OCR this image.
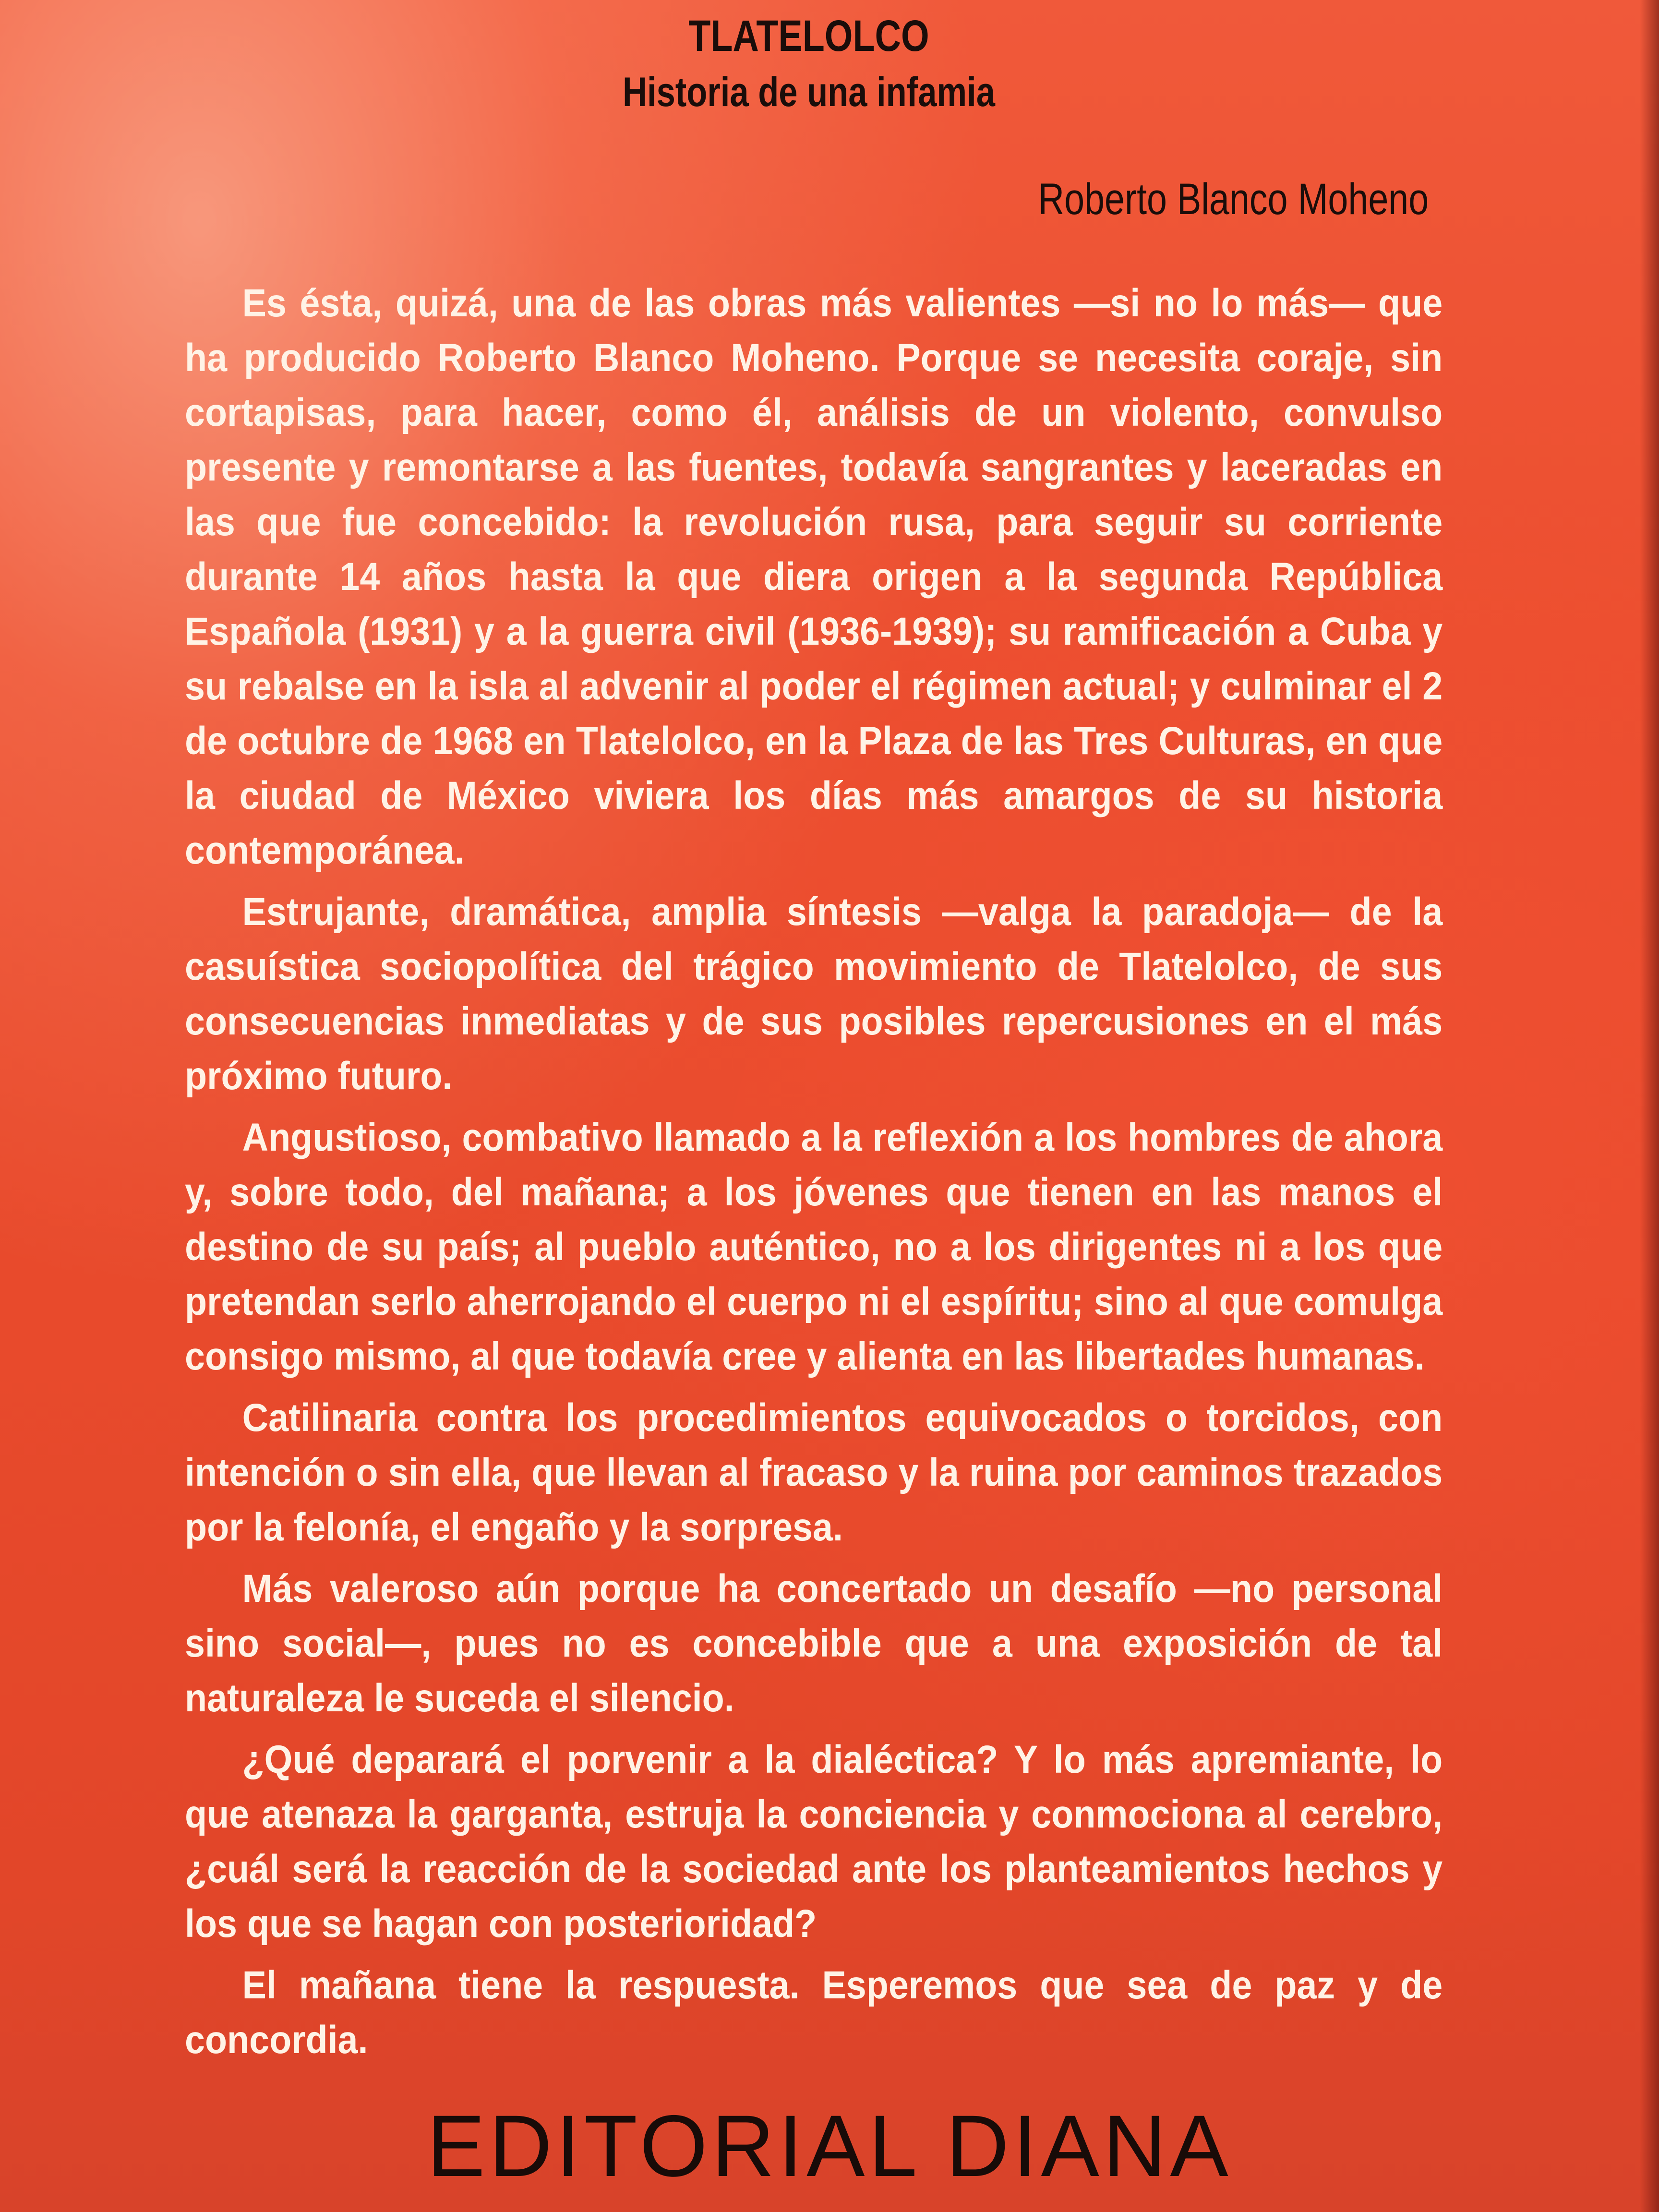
TLATELOLCO
Historia de una infamia
Roberto Blanco Moheno

Es ésta, quizá, una de las obras más valientes —si no lo más— que ha producido Roberto Blanco Moheno. Porque se necesita coraje, sin cortapisas, para hacer, como él, análisis de un violento, convulso presente y remontarse a las fuentes, todavía sangrantes y laceradas en las que fue concebido: la revolución rusa, para seguir su corriente durante 14 años hasta la que diera origen a la segunda República Española (1931) y a la guerra civil (1936-1939); su ramificación a Cuba y su rebalse en la isla al advenir al poder el régimen actual; y culminar el 2 de octubre de 1968 en Tlatelolco, en la Plaza de las Tres Culturas, en que la ciudad de México viviera los días más amargos de su historia contemporánea.

Estrujante, dramática, amplia síntesis —valga la paradoja— de la casuística sociopolítica del trágico movimiento de Tlatelolco, de sus consecuencias inmediatas y de sus posibles repercusiones en el más próximo futuro.

Angustioso, combativo llamado a la reflexión a los hombres de ahora y, sobre todo, del mañana; a los jóvenes que tienen en las manos el destino de su país; al pueblo auténtico, no a los dirigentes ni a los que pretendan serlo aherrojando el cuerpo ni el espíritu; sino al que comulga consigo mismo, al que todavía cree y alienta en las libertades humanas.

Catilinaria contra los procedimientos equivocados o torcidos, con intención o sin ella, que llevan al fracaso y la ruina por caminos trazados por la felonía, el engaño y la sorpresa.

Más valeroso aún porque ha concertado un desafío —no personal sino social—, pues no es concebible que a una exposición de tal naturaleza le suceda el silencio.

¿Qué deparará el porvenir a la dialéctica? Y lo más apremiante, lo que atenaza la garganta, estruja la conciencia y conmociona al cerebro, ¿cuál será la reacción de la sociedad ante los planteamientos hechos y los que se hagan con posterioridad?

El mañana tiene la respuesta. Esperemos que sea de paz y de concordia.

EDITORIAL DIANA
